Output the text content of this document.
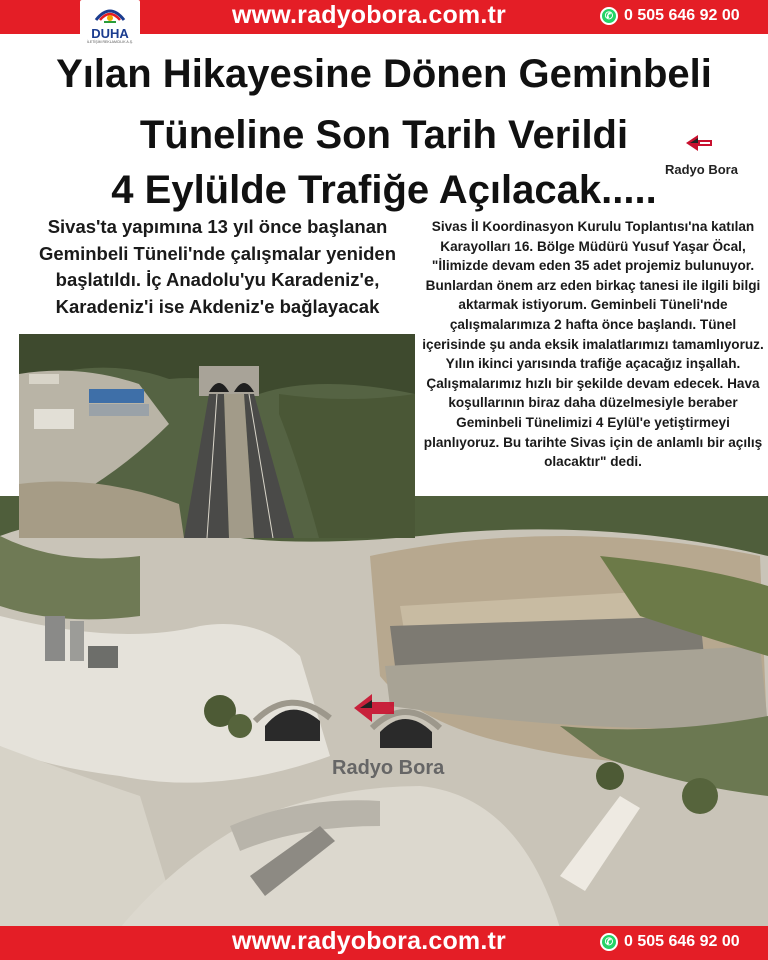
www.radyobora.com.tr	✆ 0 505 646 92 00
DUHA
İLETİŞİM REKLAMCILIK A.Ş.
Yılan Hikayesine Dönen Geminbeli
Tüneline Son Tarih Verildi
4 Eylülde Trafiğe Açılacak..... Radyo Bora
Sivas'ta yapımına 13 yıl önce başlanan Geminbeli Tüneli'nde çalışmalar yeniden başlatıldı. İç Anadolu'yu Karadeniz'e, Karadeniz'i ise Akdeniz'e bağlayacak
Sivas İl Koordinasyon Kurulu Toplantısı'na katılan Karayolları 16. Bölge Müdürü Yusuf Yaşar Öcal, "İlimizde devam eden 35 adet projemiz bulunuyor. Bunlardan önem arz eden birkaç tanesi ile ilgili bilgi aktarmak istiyorum. Geminbeli Tüneli'nde çalışmalarımıza 2 hafta önce başlandı. Tünel içerisinde şu anda eksik imalatlarımızı tamamlıyoruz. Yılın ikinci yarısında trafiğe açacağız inşallah. Çalışmalarımız hızlı bir şekilde devam edecek. Hava koşullarının biraz daha düzelmesiyle beraber Geminbeli Tünelimizi 4 Eylül'e yetiştirmeyi planlıyoruz. Bu tarihte Sivas için de anlamlı bir açılış olacaktır" dedi.
Radyo Bora
www.radyobora.com.tr	✆ 0 505 646 92 00
